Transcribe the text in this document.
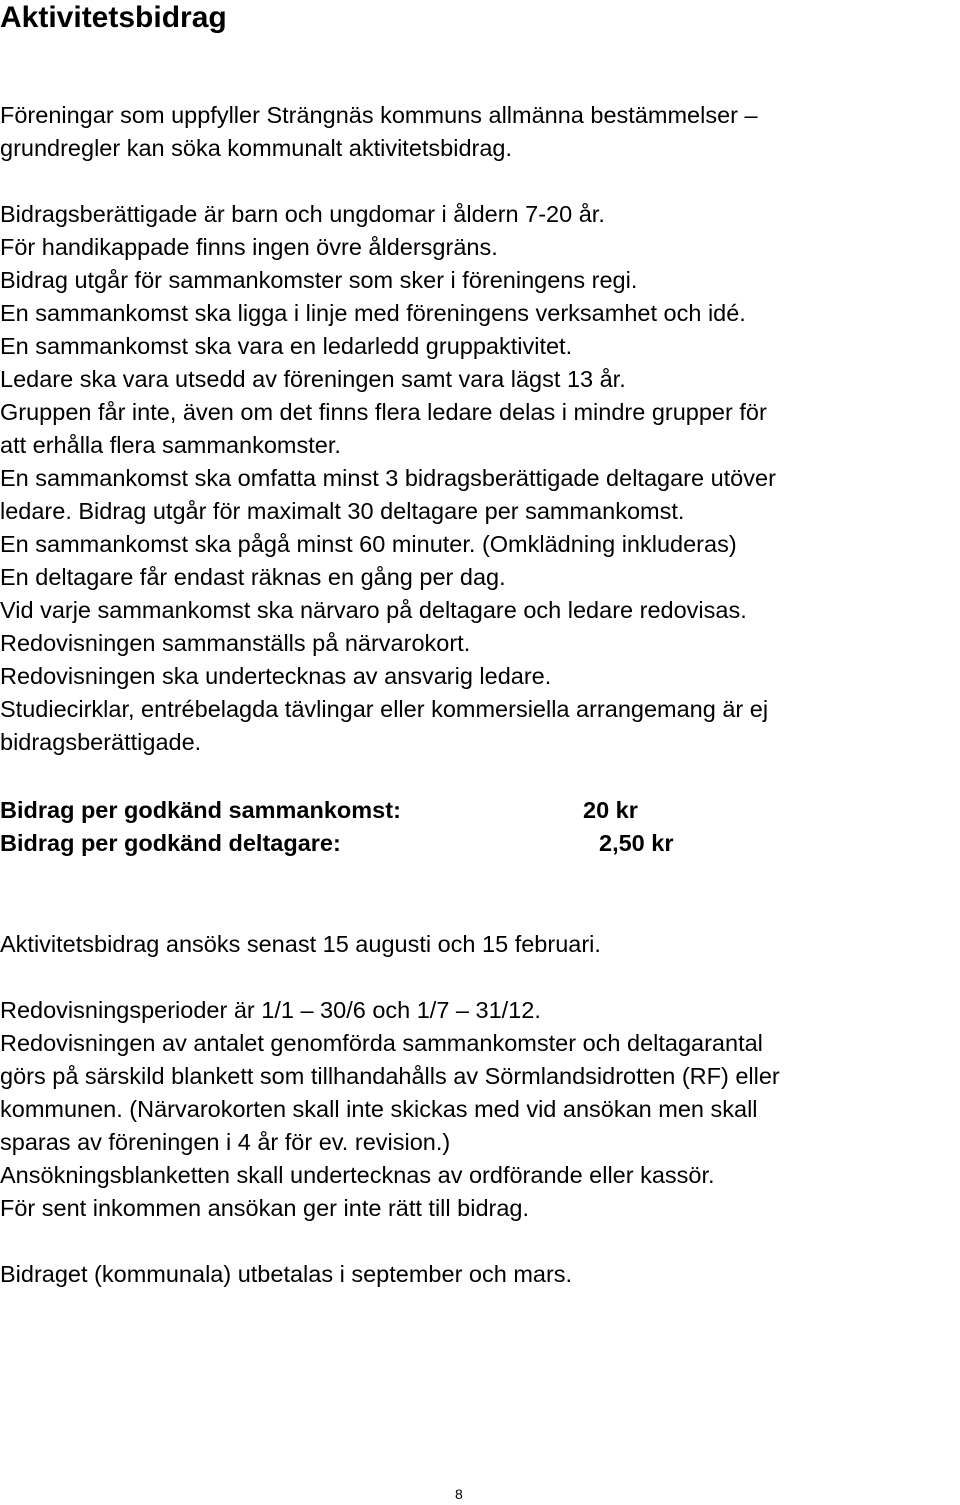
Aktivitetsbidrag

Föreningar som uppfyller Strängnäs kommuns allmänna bestämmelser –

grundregler kan söka kommunalt aktivitetsbidrag.

Bidragsberättigade är barn och ungdomar i åldern 7-20 år.

För handikappade finns ingen övre åldersgräns.

Bidrag utgår för sammankomster som sker i föreningens regi.

En sammankomst ska ligga i linje med föreningens verksamhet och idé.

En sammankomst ska vara en ledarledd gruppaktivitet.

Ledare ska vara utsedd av föreningen samt vara lägst 13 år.

Gruppen får inte, även om det finns flera ledare delas i mindre grupper för

att erhålla flera sammankomster.

En sammankomst ska omfatta minst 3 bidragsberättigade deltagare utöver

ledare. Bidrag utgår för maximalt 30 deltagare per sammankomst.

En sammankomst ska pågå minst 60 minuter. (Omklädning inkluderas)

En deltagare får endast räknas en gång per dag.

Vid varje sammankomst ska närvaro på deltagare och ledare redovisas.

Redovisningen sammanställs på närvarokort.

Redovisningen ska undertecknas av ansvarig ledare.

Studiecirklar, entrébelagda tävlingar eller kommersiella arrangemang är ej

bidragsberättigade.

Bidrag per godkänd sammankomst:	20 kr
Bidrag per godkänd deltagare:	2,50 kr

Aktivitetsbidrag ansöks senast 15 augusti och 15 februari.

Redovisningsperioder är 1/1 – 30/6 och 1/7 – 31/12.

Redovisningen av antalet genomförda sammankomster och deltagarantal

görs på särskild blankett som tillhandahålls av Sörmlandsidrotten (RF) eller

kommunen. (Närvarokorten skall inte skickas med vid ansökan men skall

sparas av föreningen i 4 år för ev. revision.)

Ansökningsblanketten skall undertecknas av ordförande eller kassör.

För sent inkommen ansökan ger inte rätt till bidrag.

Bidraget (kommunala) utbetalas i september och mars.

8
